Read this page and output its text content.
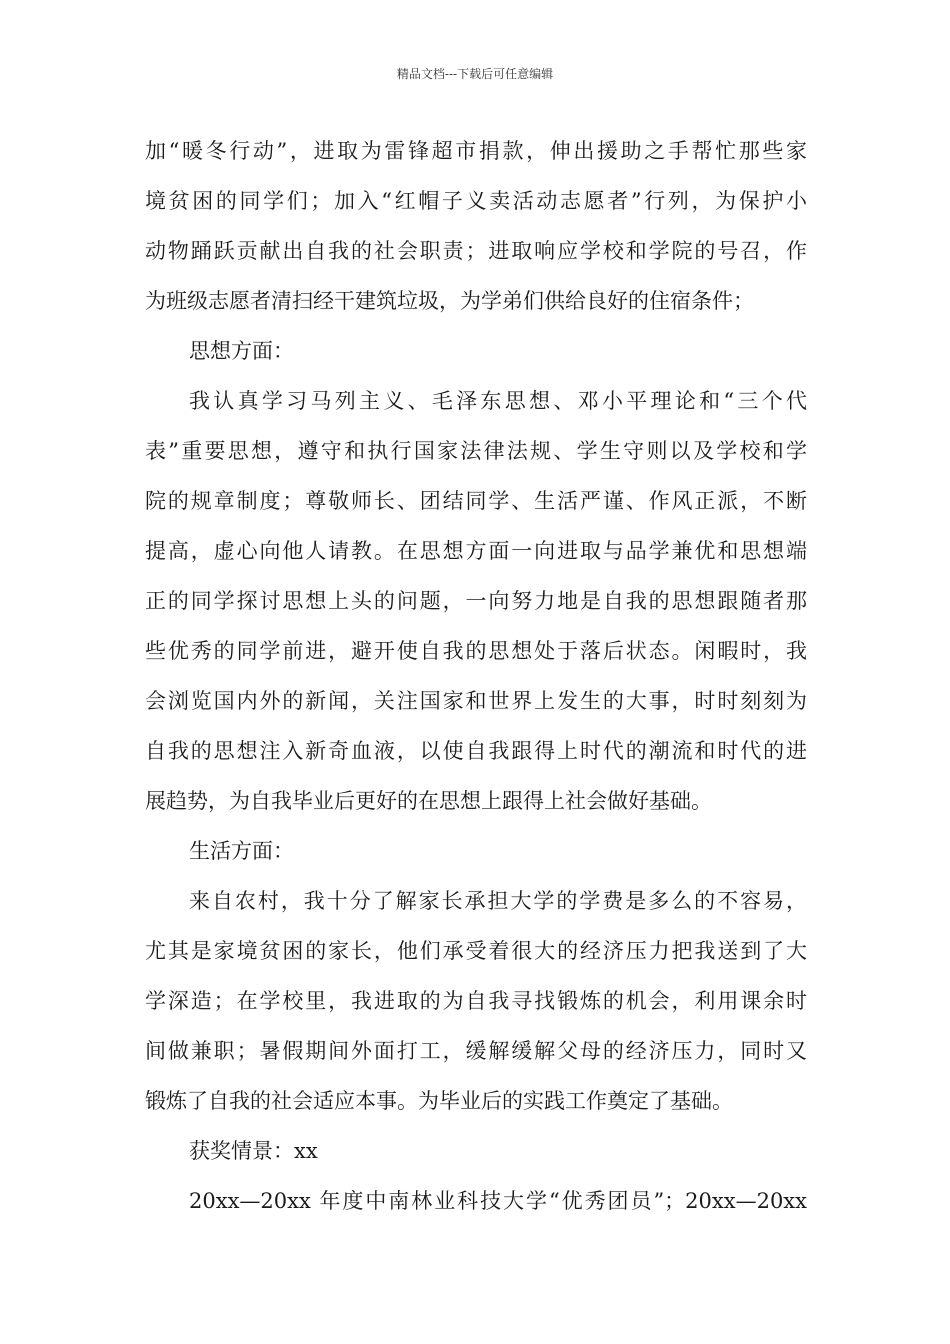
精品文档---下载后可任意编辑
加“暖冬行动”，进取为雷锋超市捐款，伸出援助之手帮忙那些家
境贫困的同学们；加入“红帽子义卖活动志愿者”行列，为保护小
动物踊跃贡献出自我的社会职责；进取响应学校和学院的号召，作
为班级志愿者清扫经干建筑垃圾，为学弟们供给良好的住宿条件；
思想方面：
我认真学习马列主义、毛泽东思想、邓小平理论和“三个代
表”重要思想，遵守和执行国家法律法规、学生守则以及学校和学
院的规章制度；尊敬师长、团结同学、生活严谨、作风正派，不断
提高，虚心向他人请教。在思想方面一向进取与品学兼优和思想端
正的同学探讨思想上头的问题，一向努力地是自我的思想跟随者那
些优秀的同学前进，避开使自我的思想处于落后状态。闲暇时，我
会浏览国内外的新闻，关注国家和世界上发生的大事，时时刻刻为
自我的思想注入新奇血液，以使自我跟得上时代的潮流和时代的进
展趋势，为自我毕业后更好的在思想上跟得上社会做好基础。
生活方面：
来自农村，我十分了解家长承担大学的学费是多么的不容易，
尤其是家境贫困的家长，他们承受着很大的经济压力把我送到了大
学深造；在学校里，我进取的为自我寻找锻炼的机会，利用课余时
间做兼职；暑假期间外面打工，缓解缓解父母的经济压力，同时又
锻炼了自我的社会适应本事。为毕业后的实践工作奠定了基础。
获奖情景：xx
20xx—20xx 年度中南林业科技大学“优秀团员”；20xx—20xx
